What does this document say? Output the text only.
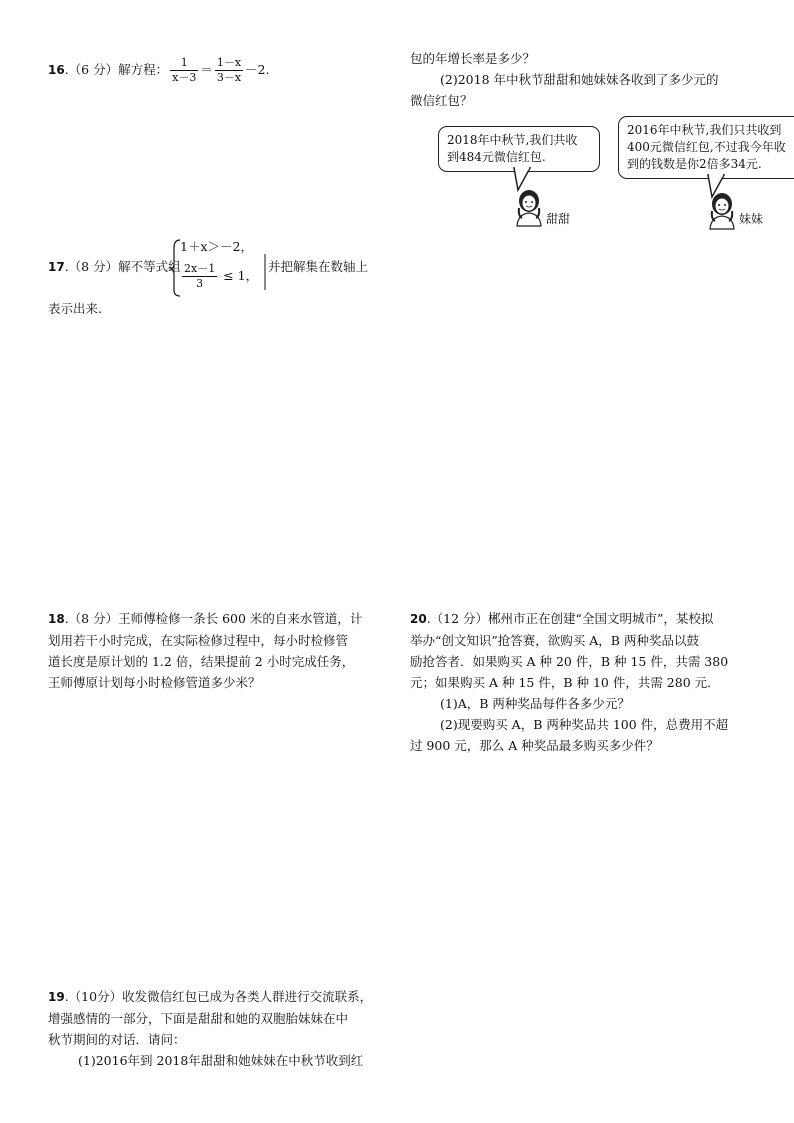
16.（6 分）解方程： $\frac{1}{x-3} = \frac{1-x}{3-x} -2$.
17.（8 分）解不等式组
1＋x＞－2，
$\frac{2x-1}{3} \le 1$，
并把解集在数轴上
表示出来.
18.（8 分）王师傅检修一条长 600 米的自来水管道，计
划用若干小时完成，在实际检修过程中，每小时检修管
道长度是原计划的 1.2 倍，结果提前 2 小时完成任务，
王师傅原计划每小时检修管道多少米？
19.（10分）收发微信红包已成为各类人群进行交流联系，
增强感情的一部分，下面是甜甜和她的双胞胎妹妹在中
秋节期间的对话．请问：
(1)2016年到 2018年甜甜和她妹妹在中秋节收到红
包的年增长率是多少？
(2)2018 年中秋节甜甜和她妹妹各收到了多少元的
微信红包？
2018年中秋节,我们共收
到484元微信红包.
甜甜
2016年中秋节,我们只共收到
400元微信红包,不过我今年收
到的钱数是你2倍多34元.
妹妹
20.（12 分）郴州市正在创建“全国文明城市”，某校拟
举办“创文知识”抢答赛，欲购买 A，B 两种奖品以鼓
励抢答者．如果购买 A 种 20 件，B 种 15 件，共需 380
元；如果购买 A 种 15 件，B 种 10 件，共需 280 元．
(1)A，B 两种奖品每件各多少元？
(2)现要购买 A，B 两种奖品共 100 件，总费用不超
过 900 元，那么 A 种奖品最多购买多少件？
